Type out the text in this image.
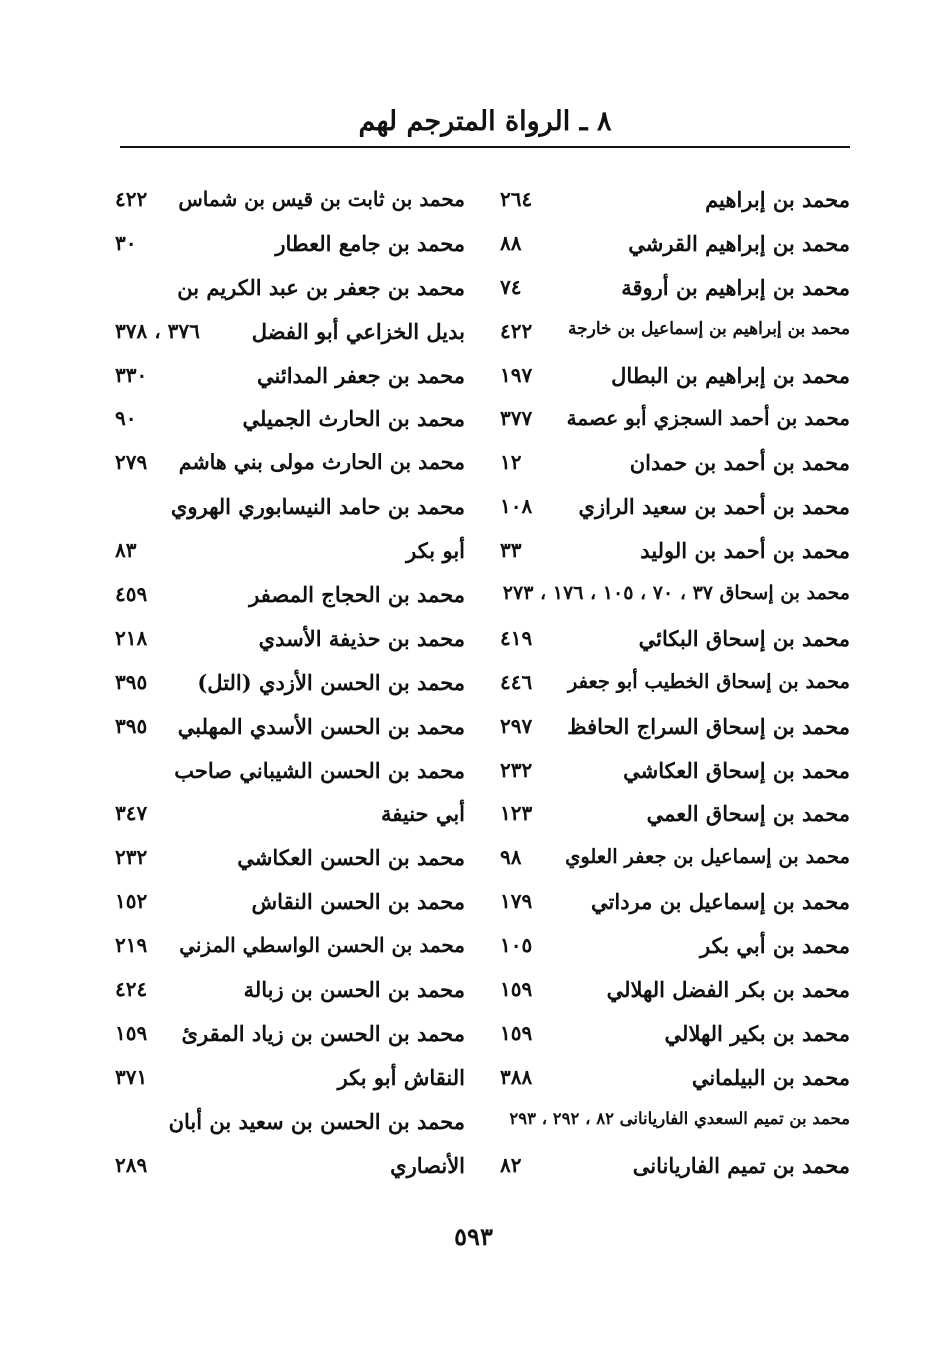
٨ ـ الرواة المترجم لهم
محمد بن إبراهيم
٢٦٤
محمد بن إبراهيم القرشي
٨٨
محمد بن إبراهيم بن أروقة
٧٤
محمد بن إبراهيم بن إسماعيل بن خارجة
٤٢٢
محمد بن إبراهيم بن البطال
١٩٧
محمد بن أحمد السجزي أبو عصمة
٣٧٧
محمد بن أحمد بن حمدان
١٢
محمد بن أحمد بن سعيد الرازي
١٠٨
محمد بن أحمد بن الوليد
٣٣
محمد بن إسحاق ٣٧ ، ٧٠ ، ١٠٥ ، ١٧٦ ، ٢٧٣
محمد بن إسحاق البكائي
٤١٩
محمد بن إسحاق الخطيب أبو جعفر
٤٤٦
محمد بن إسحاق السراج الحافظ
٢٩٧
محمد بن إسحاق العكاشي
٢٣٢
محمد بن إسحاق العمي
١٢٣
محمد بن إسماعيل بن جعفر العلوي
٩٨
محمد بن إسماعيل بن مرداتي
١٧٩
محمد بن أبي بكر
١٠٥
محمد بن بكر الفضل الهلالي
١٥٩
محمد بن بكير الهلالي
١٥٩
محمد بن البيلماني
٣٨٨
محمد بن تميم السعدي الفاريانانى ٨٢ ، ٢٩٢ ، ٢٩٣
محمد بن تميم الفاريانانى
٨٢
محمد بن ثابت بن قيس بن شماس
٤٢٢
محمد بن جامع العطار
٣٠
محمد بن جعفر بن عبد الكريم بن
بديل الخزاعي أبو الفضل
٣٧٦ ، ٣٧٨
محمد بن جعفر المدائني
٣٣٠
محمد بن الحارث الجميلي
٩٠
محمد بن الحارث مولى بني هاشم
٢٧٩
محمد بن حامد النيسابوري الهروي
أبو بكر
٨٣
محمد بن الحجاج المصفر
٤٥٩
محمد بن حذيفة الأسدي
٢١٨
محمد بن الحسن الأزدي (التل)
٣٩٥
محمد بن الحسن الأسدي المهلبي
٣٩٥
محمد بن الحسن الشيباني صاحب
أبي حنيفة
٣٤٧
محمد بن الحسن العكاشي
٢٣٢
محمد بن الحسن النقاش
١٥٢
محمد بن الحسن الواسطي المزني
٢١٩
محمد بن الحسن بن زبالة
٤٢٤
محمد بن الحسن بن زياد المقرئ
١٥٩
النقاش أبو بكر
٣٧١
محمد بن الحسن بن سعيد بن أبان
الأنصاري
٢٨٩
٥٩٣
